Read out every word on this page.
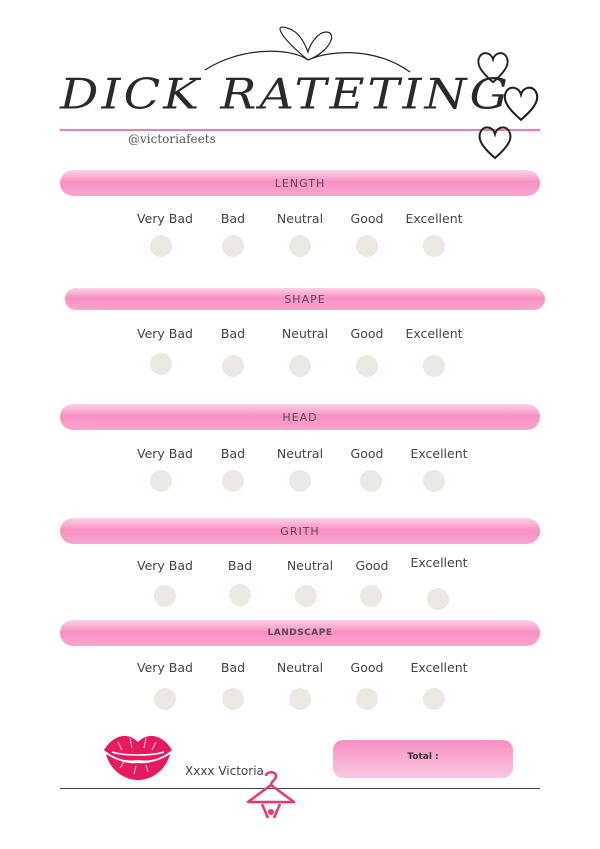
DICK RATETING
@victoriafeets
LENGTH
Very Bad Bad	Neutral Good Excellent
SHAPE
Very Bad Bad	Neutral Good Excellent
HEAD
Very Bad Bad	Neutral Good Excellent
GRITH
Very Bad	Bad	Neutral Good Excellent
LANDSCAPE
Very Bad Bad	Neutral Good Excellent
Xxxx Victoria
Total :
